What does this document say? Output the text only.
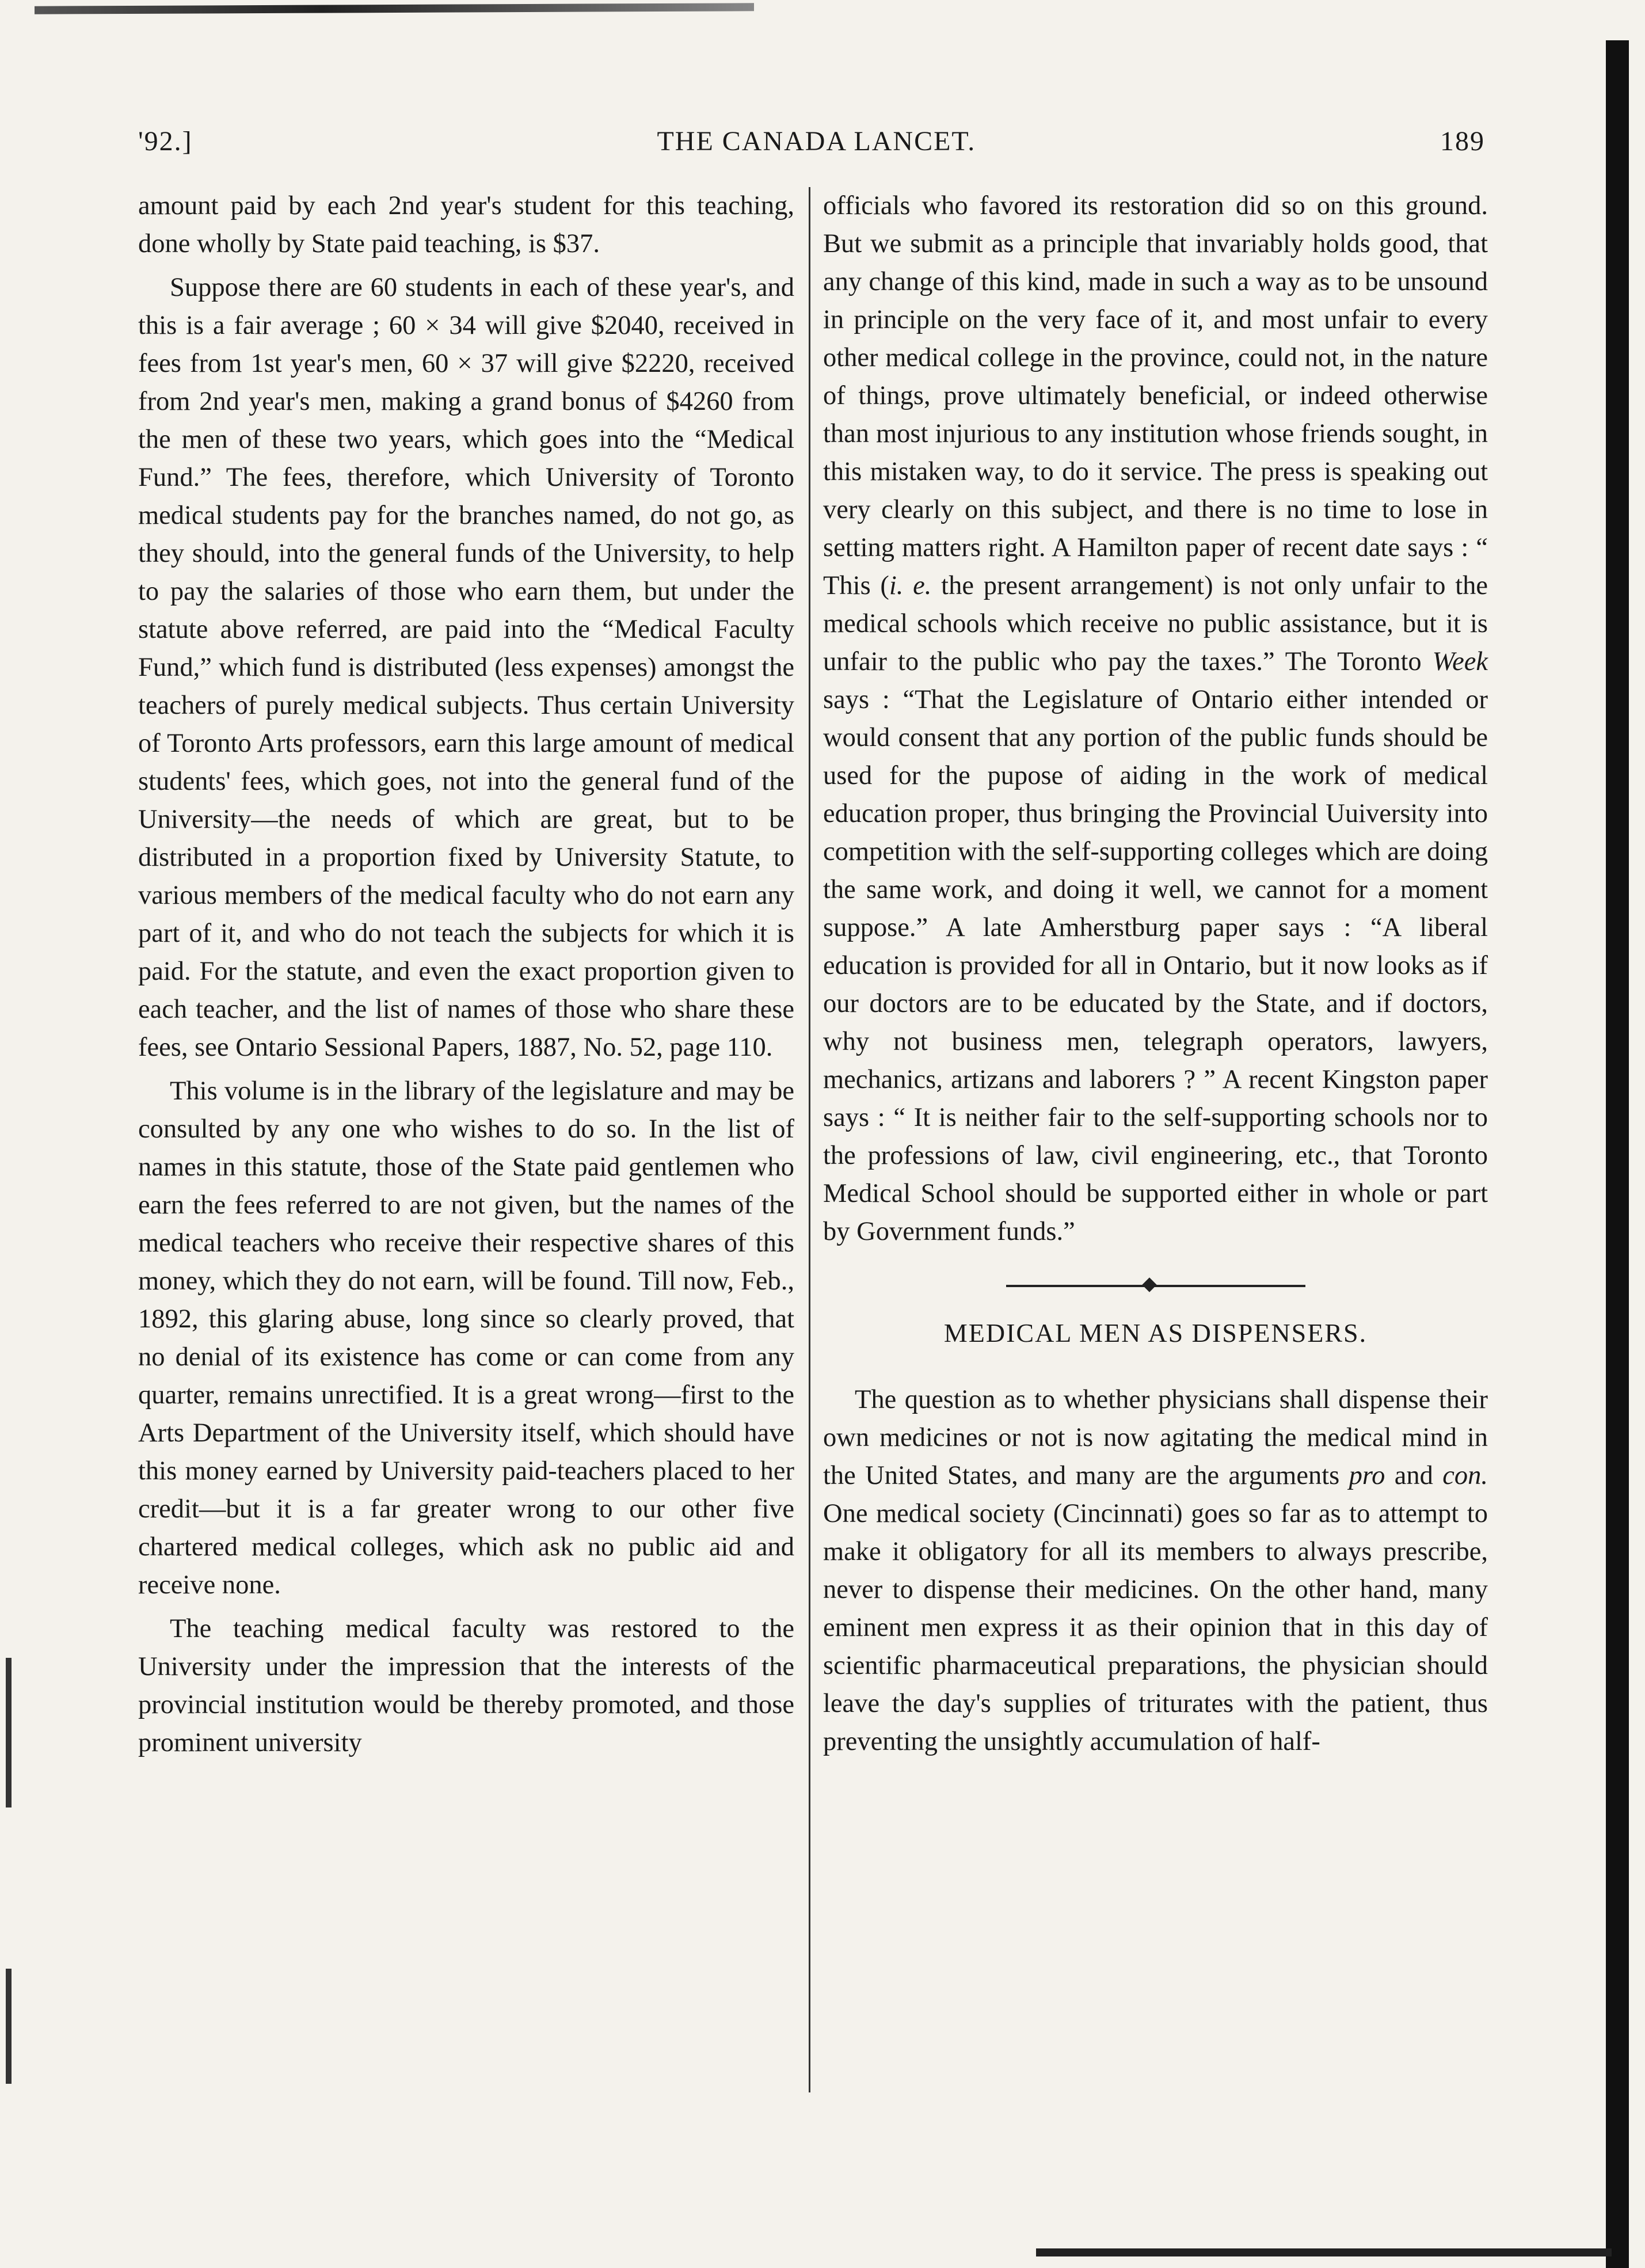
'92.]	THE CANADA LANCET.	189

amount paid by each 2nd year's student for this teaching, done wholly by State paid teaching, is $37.

Suppose there are 60 students in each of these year's, and this is a fair average ; 60 × 34 will give $2040, received in fees from 1st year's men, 60 × 37 will give $2220, received from 2nd year's men, making a grand bonus of $4260 from the men of these two years, which goes into the “Medical Fund.” The fees, therefore, which University of Toronto medical students pay for the branches named, do not go, as they should, into the general funds of the University, to help to pay the salaries of those who earn them, but under the statute above referred, are paid into the “Medical Faculty Fund,” which fund is distributed (less expenses) amongst the teachers of purely medical subjects. Thus certain University of Toronto Arts professors, earn this large amount of medical students' fees, which goes, not into the general fund of the University—the needs of which are great, but to be distributed in a proportion fixed by University Statute, to various members of the medical faculty who do not earn any part of it, and who do not teach the subjects for which it is paid. For the statute, and even the exact proportion given to each teacher, and the list of names of those who share these fees, see Ontario Sessional Papers, 1887, No. 52, page 110.

This volume is in the library of the legislature and may be consulted by any one who wishes to do so. In the list of names in this statute, those of the State paid gentlemen who earn the fees referred to are not given, but the names of the medical teachers who receive their respective shares of this money, which they do not earn, will be found. Till now, Feb., 1892, this glaring abuse, long since so clearly proved, that no denial of its existence has come or can come from any quarter, remains unrectified. It is a great wrong—first to the Arts Department of the University itself, which should have this money earned by University paid-teachers placed to her credit—but it is a far greater wrong to our other five chartered medical colleges, which ask no public aid and receive none.

The teaching medical faculty was restored to the University under the impression that the interests of the provincial institution would be thereby promoted, and those prominent university

officials who favored its restoration did so on this ground. But we submit as a principle that invariably holds good, that any change of this kind, made in such a way as to be unsound in principle on the very face of it, and most unfair to every other medical college in the province, could not, in the nature of things, prove ultimately beneficial, or indeed otherwise than most injurious to any institution whose friends sought, in this mistaken way, to do it service. The press is speaking out very clearly on this subject, and there is no time to lose in setting matters right. A Hamilton paper of recent date says : “ This (i. e. the present arrangement) is not only unfair to the medical schools which receive no public assistance, but it is unfair to the public who pay the taxes.” The Toronto Week says : “That the Legislature of Ontario either intended or would consent that any portion of the public funds should be used for the pupose of aiding in the work of medical education proper, thus bringing the Provincial Uuiversity into competition with the self-supporting colleges which are doing the same work, and doing it well, we cannot for a moment suppose.” A late Amherstburg paper says : “A liberal education is provided for all in Ontario, but it now looks as if our doctors are to be educated by the State, and if doctors, why not business men, telegraph operators, lawyers, mechanics, artizans and laborers ? ” A recent Kingston paper says : “ It is neither fair to the self-supporting schools nor to the professions of law, civil engineering, etc., that Toronto Medical School should be supported either in whole or part by Government funds.”

MEDICAL MEN AS DISPENSERS.

The question as to whether physicians shall dispense their own medicines or not is now agitating the medical mind in the United States, and many are the arguments pro and con. One medical society (Cincinnati) goes so far as to attempt to make it obligatory for all its members to always prescribe, never to dispense their medicines. On the other hand, many eminent men express it as their opinion that in this day of scientific pharmaceutical preparations, the physician should leave the day's supplies of triturates with the patient, thus preventing the unsightly accumulation of half-
